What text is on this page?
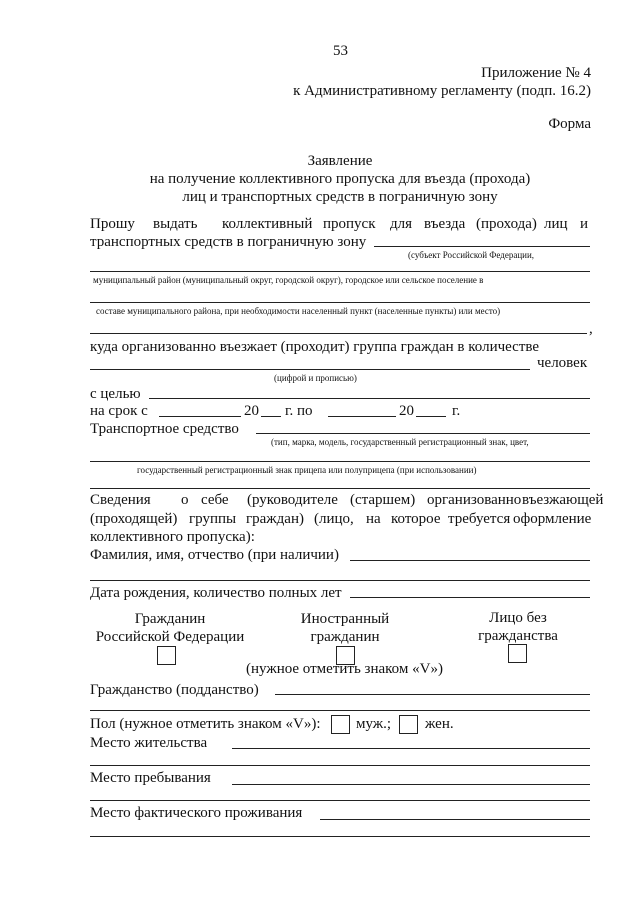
53
Приложение № 4
к Административному регламенту (подп. 16.2)
Форма
Заявление
на получение коллективного пропуска для въезда (прохода)
лиц и транспортных средств в пограничную зону
Прошу выдать коллективный пропуск для въезда (прохода) лиц и
транспортных средств в пограничную зону
(субъект Российской Федерации,
муниципальный район (муниципальный округ, городской округ), городское или сельское поселение в
составе муниципального района, при необходимости населенный пункт (населенные пункты) или место)
,
куда организованно въезжает (проходит) группа граждан в количестве
человек
(цифрой и прописью)
с целью
на срок с	20 г. по	20	г.
Транспортное средство
(тип, марка, модель, государственный регистрационный знак, цвет,
государственный регистрационный знак прицепа или полуприцепа (при использовании)
Сведения о себе (руководителе (старшем) организованно въезжающей
(проходящей) группы граждан) (лицо, на которое требуется оформление
коллективного пропуска):
Фамилия, имя, отчество (при наличии)
Дата рождения, количество полных лет
Гражданин
Российской Федерации
Иностранный
гражданин
Лицо без
гражданства
(нужное отметить знаком «V»)
Гражданство (подданство)
Пол (нужное отметить знаком «V»): муж.; жен.
Место жительства
Место пребывания
Место фактического проживания
